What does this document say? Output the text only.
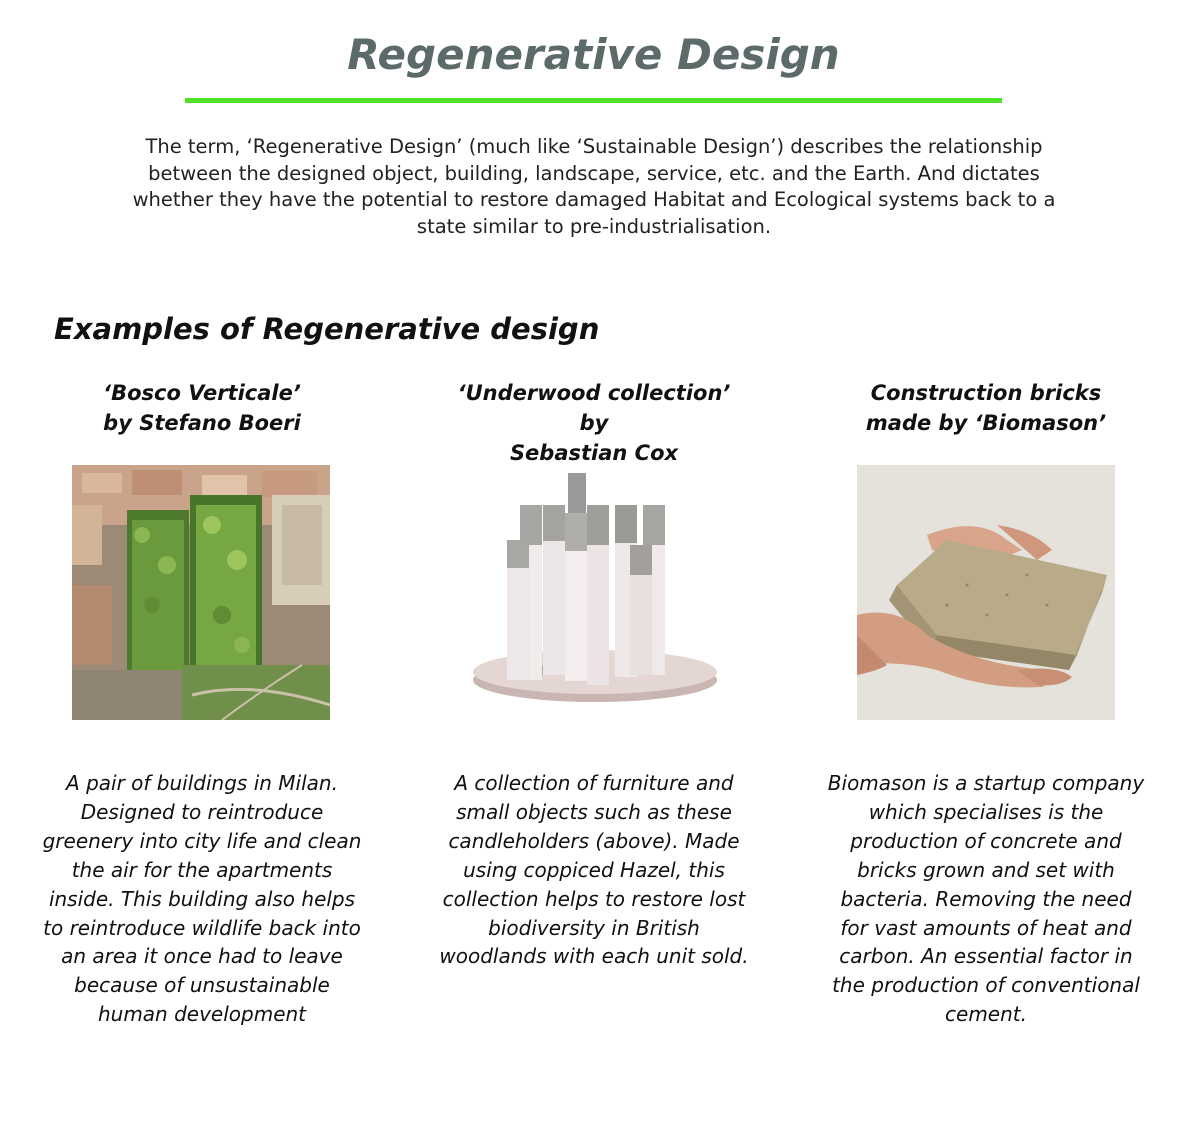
Regenerative Design

The term, ‘Regenerative Design’ (much like ‘Sustainable Design’) describes the relationship between the designed object, building, landscape, service, etc. and the Earth. And dictates whether they have the potential to restore damaged Habitat and Ecological systems back to a state similar to pre-industrialisation.

Examples of Regenerative design

‘Bosco Verticale’
by Stefano Boeri

A pair of buildings in Milan. Designed to reintroduce greenery into city life and clean the air for the apartments inside. This building also helps to reintroduce wildlife back into an area it once had to leave because of unsustainable human development

‘Underwood collection’ by
Sebastian Cox

A collection of furniture and small objects such as these candleholders (above). Made using coppiced Hazel, this collection helps to restore lost biodiversity in British woodlands with each unit sold.

Construction bricks
made by ‘Biomason’

Biomason is a startup company which specialises is the production of concrete and bricks grown and set with bacteria. Removing the need for vast amounts of heat and carbon. An essential factor in the production of conventional cement.
